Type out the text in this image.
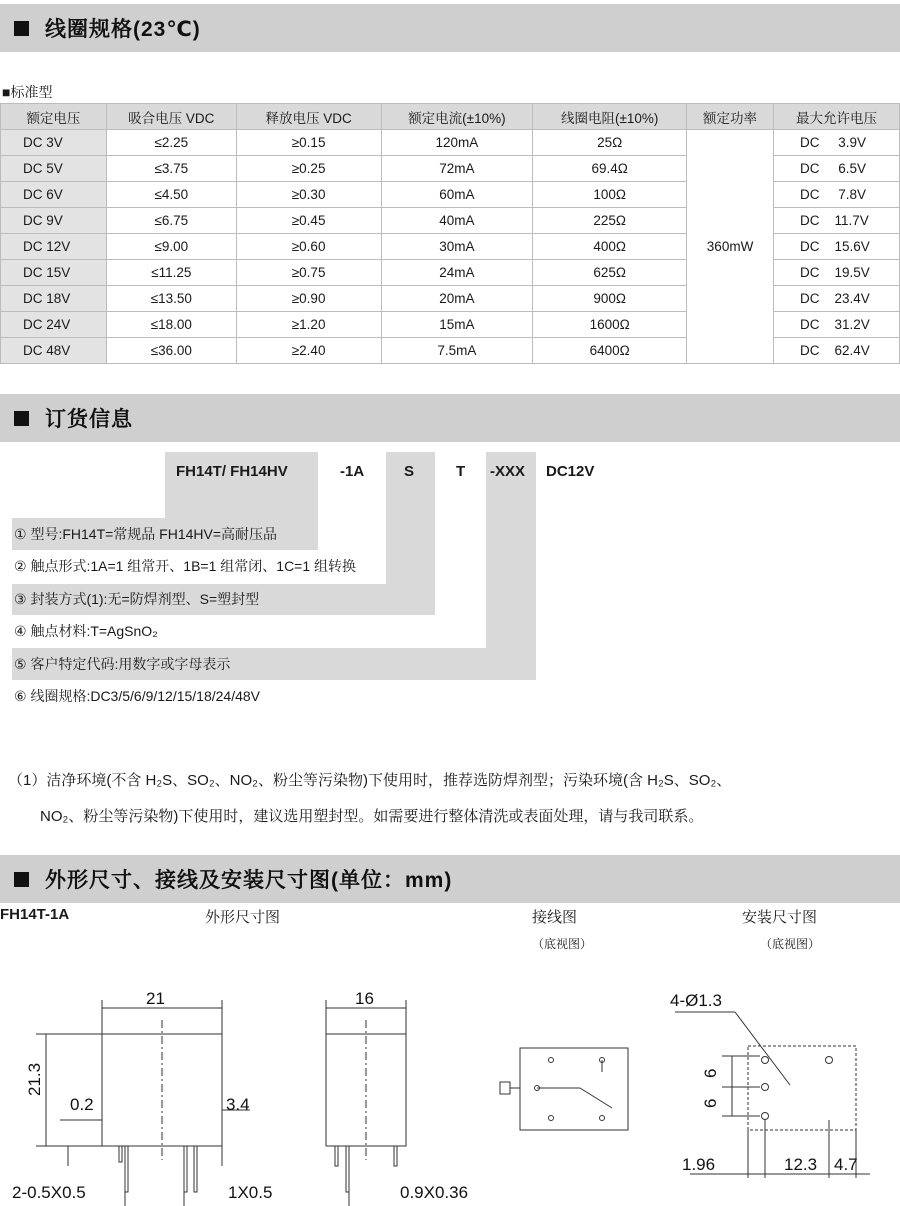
线圈规格(23℃)
■标准型
额定电压	吸合电压 VDC	释放电压 VDC	额定电流(±10%)	线圈电阻(±10%)	额定功率	最大允许电压
DC 3V	≤2.25	≥0.15	120mA	25Ω	360mW	DC     3.9V
DC 5V	≤3.75	≥0.25	72mA	69.4Ω		DC     6.5V
DC 6V	≤4.50	≥0.30	60mA	100Ω		DC     7.8V
DC 9V	≤6.75	≥0.45	40mA	225Ω		DC    11.7V
DC 12V	≤9.00	≥0.60	30mA	400Ω		DC    15.6V
DC 15V	≤11.25	≥0.75	24mA	625Ω		DC    19.5V
DC 18V	≤13.50	≥0.90	20mA	900Ω		DC    23.4V
DC 24V	≤18.00	≥1.20	15mA	1600Ω		DC    31.2V
DC 48V	≤36.00	≥2.40	7.5mA	6400Ω		DC    62.4V
订货信息
FH14T/ FH14HV	-1A	S	T -XXX DC12V
① 型号:FH14T=常规品 FH14HV=高耐压品
② 触点形式:1A=1 组常开、1B=1 组常闭、1C=1 组转换
③ 封装方式(1):无=防焊剂型、S=塑封型
④ 触点材料:T=AgSnO₂
⑤ 客户特定代码:用数字或字母表示
⑥ 线圈规格:DC3/5/6/9/12/15/18/24/48V
（1）洁净环境(不含 H₂S、SO₂、NO₂、粉尘等污染物)下使用时，推荐选防焊剂型；污染环境(含 H₂S、SO₂、
NO₂、粉尘等污染物)下使用时，建议选用塑封型。如需要进行整体清洗或表面处理，请与我司联系。
外形尺寸、接线及安装尺寸图(单位：mm)
FH14T-1A	外形尺寸图	接线图
（底视图）
安装尺寸图
（底视图）
21
21.3
0.2	3.4
2-0.5X0.5	1X0.5
16
0.9X0.36
4-Ø1.3
6
6
1.96	12.3 4.7
